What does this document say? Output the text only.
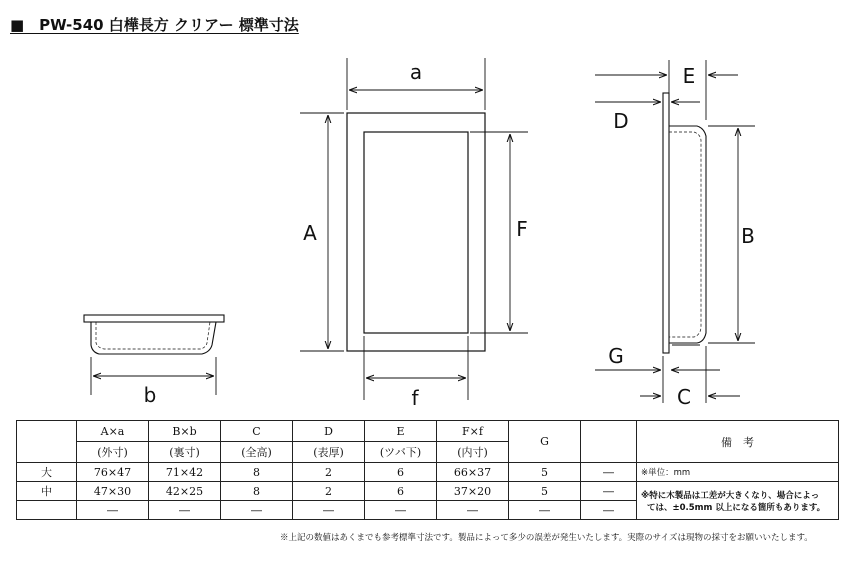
■　PW-540 白樺長方 クリアー 標準寸法
a
A	F
f
b
E
D
B
G
C
	A×a	B×b	C	D	E	F×f	G		備　考
	(外寸)	(裏寸)	(全高)	(表厚)	(ツバ下)	(内寸)			
大	76×47	71×42	8	2	6	66×37	5	―	※単位：mm
中	47×30	42×25	8	2	6	37×20	5	―	※特に木製品は工差が大きくなり、場合によっ
ては、±0.5mm 以上になる箇所もあります。

	―	―	―	―	―	―	―	―	
※上記の数値はあくまでも参考標準寸法です。製品によって多少の誤差が発生いたします。実際のサイズは現物の採寸をお願いいたします。
